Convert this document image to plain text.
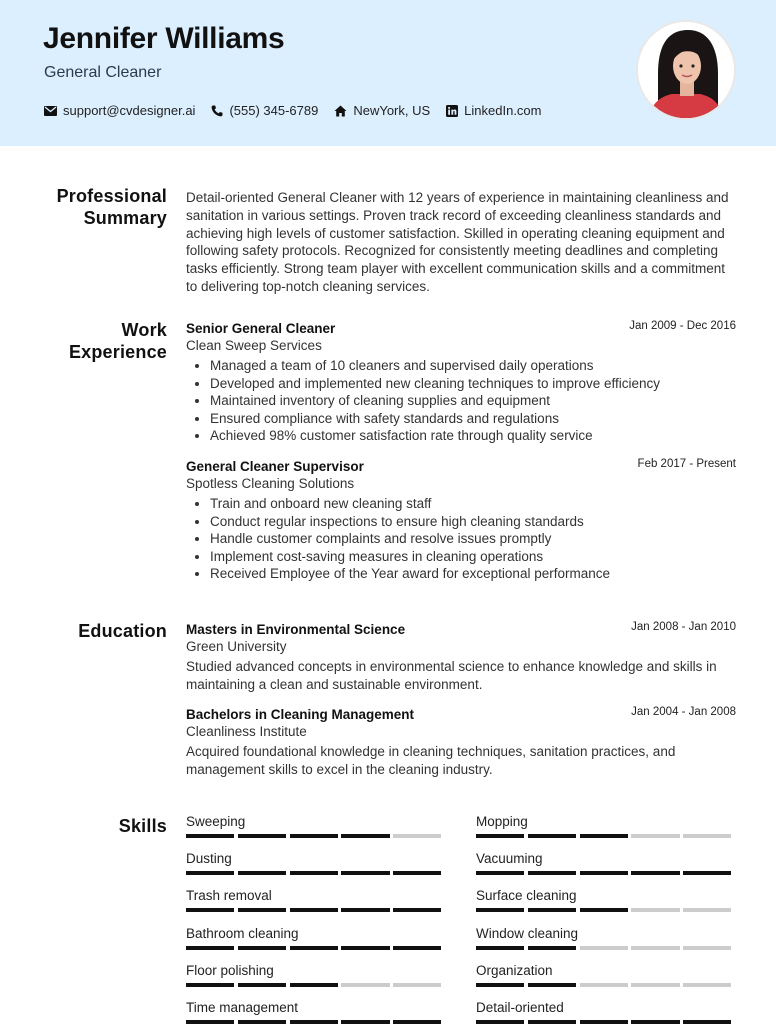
Jennifer Williams
General Cleaner
support@cvdesigner.ai	(555) 345-6789	NewYork, US	LinkedIn.com
Professional
Summary

Detail-oriented General Cleaner with 12 years of experience in maintaining cleanliness and sanitation in various settings. Proven track record of exceeding cleanliness standards and achieving high levels of customer satisfaction. Skilled in operating cleaning equipment and following safety protocols. Recognized for consistently meeting deadlines and completing tasks efficiently. Strong team player with excellent communication skills and a commitment to delivering top-notch cleaning services.

Work
Experience
Senior General Cleaner	Jan 2009 - Dec 2016
Clean Sweep Services
Managed a team of 10 cleaners and supervised daily operations
Developed and implemented new cleaning techniques to improve efficiency
Maintained inventory of cleaning supplies and equipment
Ensured compliance with safety standards and regulations
Achieved 98% customer satisfaction rate through quality service
General Cleaner Supervisor	Feb 2017 - Present
Spotless Cleaning Solutions
Train and onboard new cleaning staff
Conduct regular inspections to ensure high cleaning standards
Handle customer complaints and resolve issues promptly
Implement cost-saving measures in cleaning operations
Received Employee of the Year award for exceptional performance
Education Masters in Environmental Science	Jan 2008 - Jan 2010
Green University

Studied advanced concepts in environmental science to enhance knowledge and skills in maintaining a clean and sustainable environment.

Bachelors in Cleaning Management	Jan 2004 - Jan 2008
Cleanliness Institute

Acquired foundational knowledge in cleaning techniques, sanitation practices, and management skills to excel in the cleaning industry.

Skills Sweeping	Mopping
Dusting	Vacuuming
Trash removal	Surface cleaning
Bathroom cleaning	Window cleaning
Floor polishing	Organization
Time management	Detail-oriented
